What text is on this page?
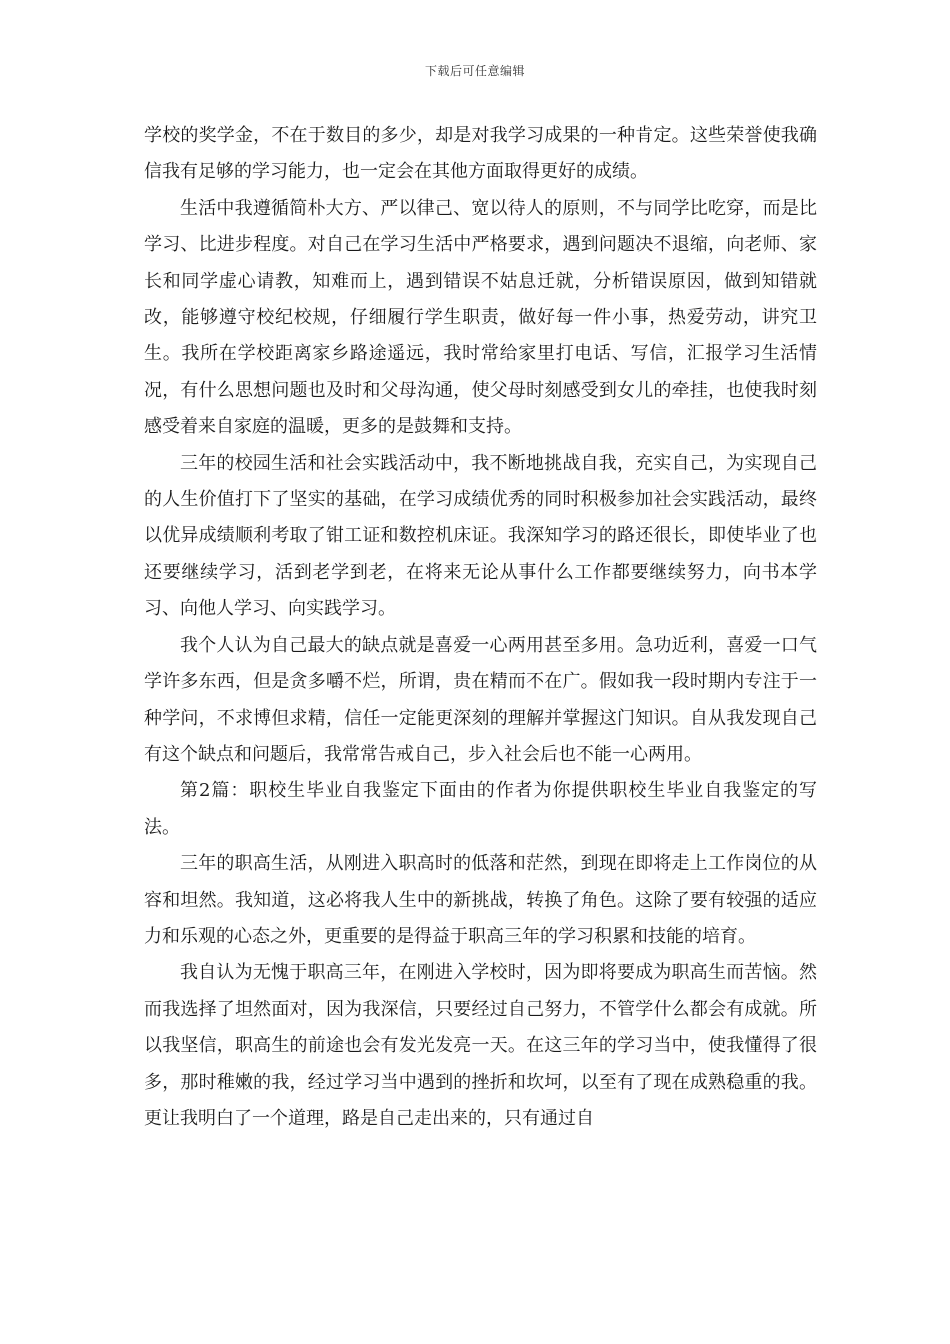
下载后可任意编辑

学校的奖学金，不在于数目的多少，却是对我学习成果的一种肯定。这些荣誉使我确信我有足够的学习能力，也一定会在其他方面取得更好的成绩。

生活中我遵循简朴大方、严以律己、宽以待人的原则，不与同学比吃穿，而是比学习、比进步程度。对自己在学习生活中严格要求，遇到问题决不退缩，向老师、家长和同学虚心请教，知难而上，遇到错误不姑息迁就，分析错误原因，做到知错就改，能够遵守校纪校规，仔细履行学生职责，做好每一件小事，热爱劳动，讲究卫生。我所在学校距离家乡路途遥远，我时常给家里打电话、写信，汇报学习生活情况，有什么思想问题也及时和父母沟通，使父母时刻感受到女儿的牵挂，也使我时刻感受着来自家庭的温暖，更多的是鼓舞和支持。

三年的校园生活和社会实践活动中，我不断地挑战自我，充实自己，为实现自己的人生价值打下了坚实的基础，在学习成绩优秀的同时积极参加社会实践活动，最终以优异成绩顺利考取了钳工证和数控机床证。我深知学习的路还很长，即使毕业了也还要继续学习，活到老学到老，在将来无论从事什么工作都要继续努力，向书本学习、向他人学习、向实践学习。

我个人认为自己最大的缺点就是喜爱一心两用甚至多用。急功近利，喜爱一口气学许多东西，但是贪多嚼不烂，所谓，贵在精而不在广。假如我一段时期内专注于一种学问，不求博但求精，信任一定能更深刻的理解并掌握这门知识。自从我发现自己有这个缺点和问题后，我常常告戒自己，步入社会后也不能一心两用。

第2篇：职校生毕业自我鉴定下面由的作者为你提供职校生毕业自我鉴定的写法。

三年的职高生活，从刚进入职高时的低落和茫然，到现在即将走上工作岗位的从容和坦然。我知道，这必将我人生中的新挑战，转换了角色。这除了要有较强的适应力和乐观的心态之外，更重要的是得益于职高三年的学习积累和技能的培育。

我自认为无愧于职高三年，在刚进入学校时，因为即将要成为职高生而苦恼。然而我选择了坦然面对，因为我深信，只要经过自己努力，不管学什么都会有成就。所以我坚信，职高生的前途也会有发光发亮一天。在这三年的学习当中，使我懂得了很多，那时稚嫩的我，经过学习当中遇到的挫折和坎坷，以至有了现在成熟稳重的我。更让我明白了一个道理，路是自己走出来的，只有通过自
